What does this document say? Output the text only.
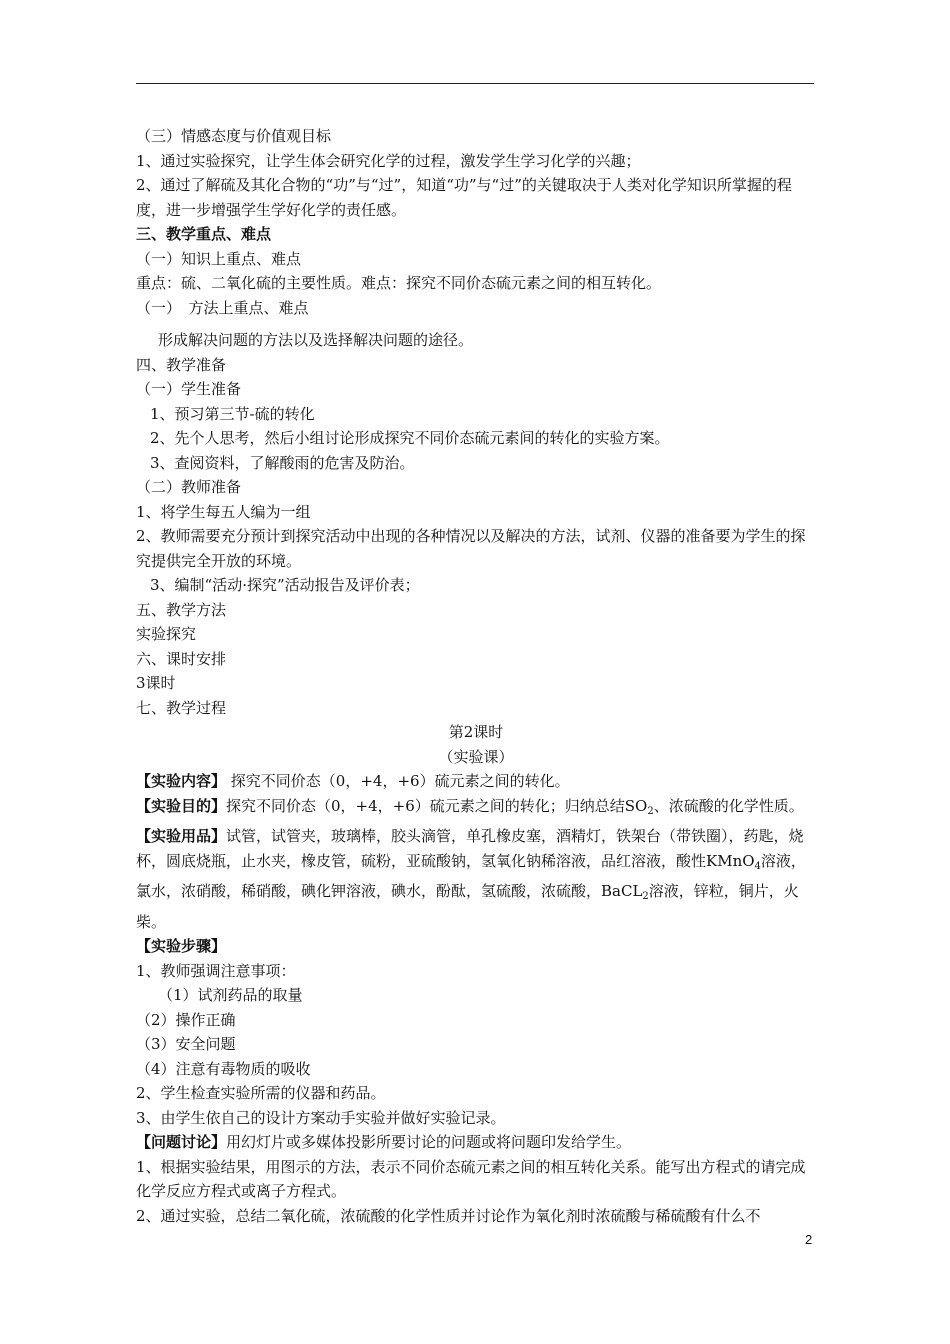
（三）情感态度与价值观目标
1、通过实验探究，让学生体会研究化学的过程，激发学生学习化学的兴趣；
2、通过了解硫及其化合物的“功”与“过”，知道“功”与“过”的关键取决于人类对化学知识所掌握的程度，进一步增强学生学好化学的责任感。
三、教学重点、难点
（一）知识上重点、难点
重点：硫、二氧化硫的主要性质。难点：探究不同价态硫元素之间的相互转化。
（一）　方法上重点、难点
形成解决问题的方法以及选择解决问题的途径。
四、教学准备
（一）学生准备
1、预习第三节-硫的转化
2、先个人思考，然后小组讨论形成探究不同价态硫元素间的转化的实验方案。
3、查阅资料，了解酸雨的危害及防治。
（二）教师准备
1、将学生每五人编为一组
2、教师需要充分预计到探究活动中出现的各种情况以及解决的方法，试剂、仪器的准备要为学生的探究提供完全开放的环境。
3、编制“活动·探究”活动报告及评价表；
五、教学方法
实验探究
六、课时安排
3课时
七、教学过程
第2课时
（实验课）
【实验内容】 探究不同价态（0，+4，+6）硫元素之间的转化。
【实验目的】探究不同价态（0，+4，+6）硫元素之间的转化；归纳总结$SO_2$、浓硫酸的化学性质。
【实验用品】试管，试管夹，玻璃棒，胶头滴管，单孔橡皮塞，酒精灯，铁架台（带铁圈），药匙，烧杯，圆底烧瓶，止水夹，橡皮管，硫粉，亚硫酸钠，氢氧化钠稀溶液，品红溶液，酸性KMnO$_4$溶液，氯水，浓硝酸，稀硝酸，碘化钾溶液，碘水，酚酞，氢硫酸，浓硫酸，BaCL$_2$溶液，锌粒，铜片，火柴。
【实验步骤】
1、教师强调注意事项：
（1）试剂药品的取量
（2）操作正确
（3）安全问题
（4）注意有毒物质的吸收
2、学生检查实验所需的仪器和药品。
3、由学生依自己的设计方案动手实验并做好实验记录。
【问题讨论】用幻灯片或多媒体投影所要讨论的问题或将问题印发给学生。
1、根据实验结果，用图示的方法，表示不同价态硫元素之间的相互转化关系。能写出方程式的请完成化学反应方程式或离子方程式。
2、通过实验，总结二氧化硫，浓硫酸的化学性质并讨论作为氧化剂时浓硫酸与稀硫酸有什么不
2
